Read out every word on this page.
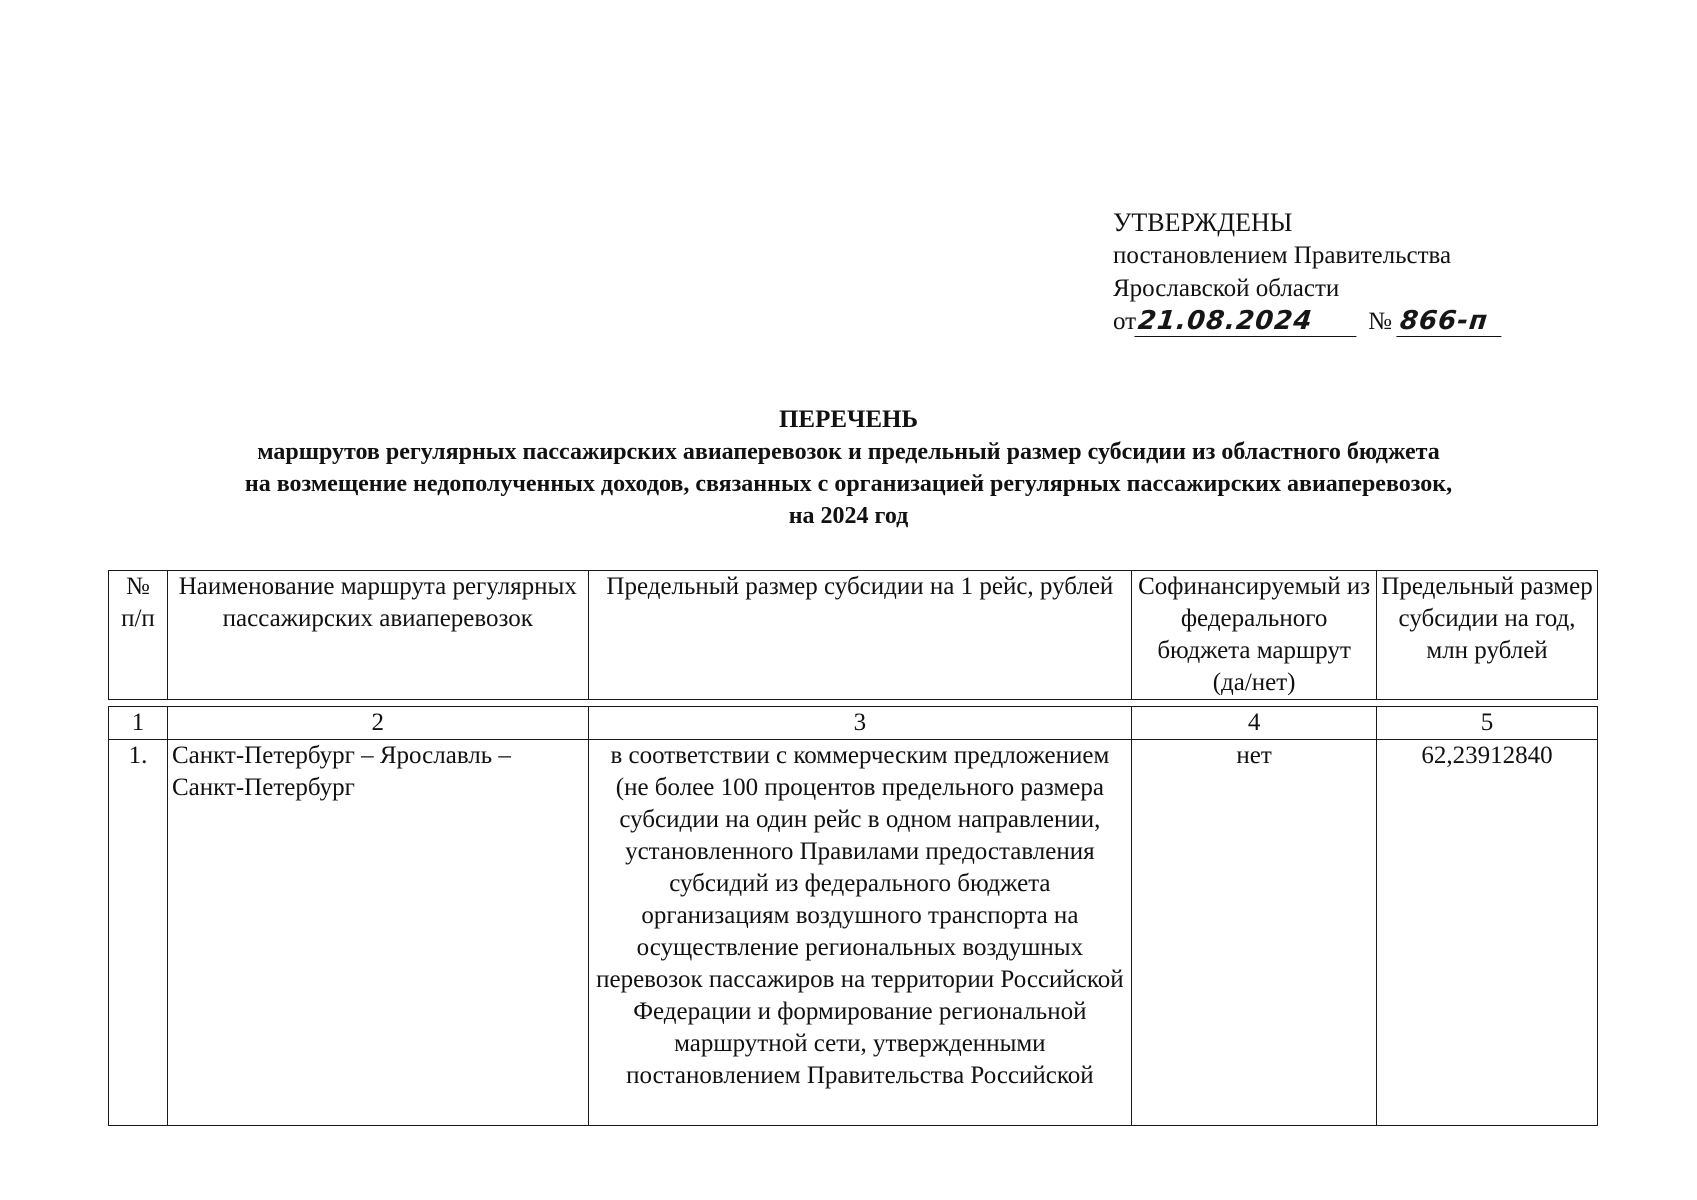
УТВЕРЖДЕНЫ
постановлением Правительства
Ярославской области
от21.08.2024 № 866-п
ПЕРЕЧЕНЬ
маршрутов регулярных пассажирских авиаперевозок и предельный размер субсидии из областного бюджета
на возмещение недополученных доходов, связанных с организацией регулярных пассажирских авиаперевозок,
на 2024 год
№ п/п	Наименование маршрута регулярных пассажирских авиаперевозок	Предельный размер субсидии на 1 рейс, рублей	Софинансируемый из федерального бюджета маршрут (да/нет)	Предельный размер субсидии на год, млн рублей

1	2	3	4	5
1.	Санкт-Петербург – Ярославль – Санкт-Петербург	в соответствии с коммерческим предложением (не более 100 процентов предельного размера субсидии на один рейс в одном направлении, установленного Правилами предоставления субсидий из федерального бюджета организациям воздушного транспорта на осуществление региональных воздушных перевозок пассажиров на территории Российской Федерации и формирование региональной маршрутной сети, утвержденными постановлением Правительства Российской	нет	62,23912840
